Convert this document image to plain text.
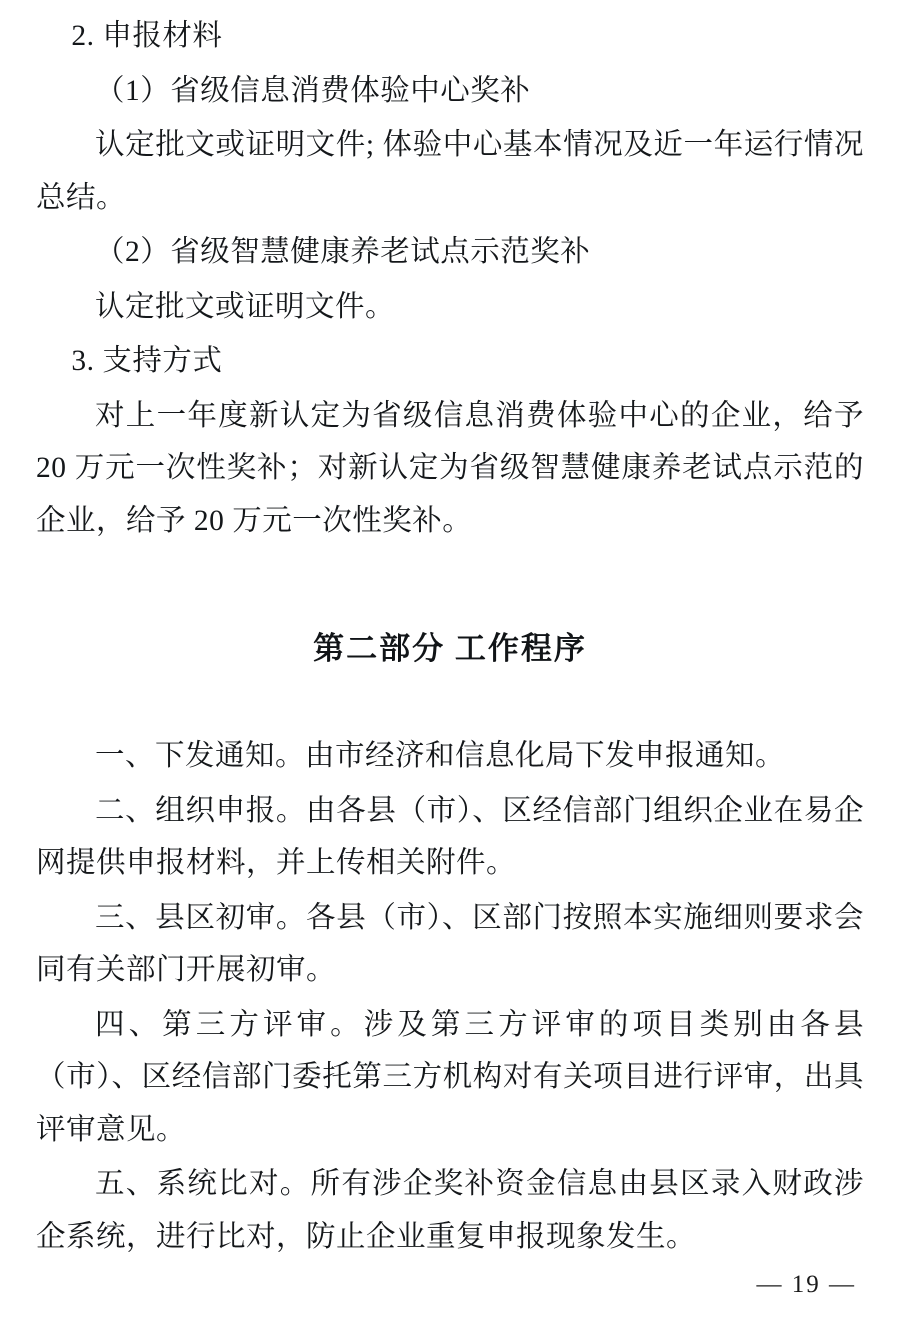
2. 申报材料

（1）省级信息消费体验中心奖补

认定批文或证明文件; 体验中心基本情况及近一年运行情况总结。

（2）省级智慧健康养老试点示范奖补

认定批文或证明文件。

3. 支持方式

对上一年度新认定为省级信息消费体验中心的企业，给予 20 万元一次性奖补；对新认定为省级智慧健康养老试点示范的企业，给予 20 万元一次性奖补。

第二部分 工作程序

一、下发通知。由市经济和信息化局下发申报通知。

二、组织申报。由各县（市）、区经信部门组织企业在易企网提供申报材料，并上传相关附件。

三、县区初审。各县（市）、区部门按照本实施细则要求会同有关部门开展初审。

四、第三方评审。涉及第三方评审的项目类别由各县（市）、区经信部门委托第三方机构对有关项目进行评审，出具评审意见。

五、系统比对。所有涉企奖补资金信息由县区录入财政涉企系统，进行比对，防止企业重复申报现象发生。

— 19 —
